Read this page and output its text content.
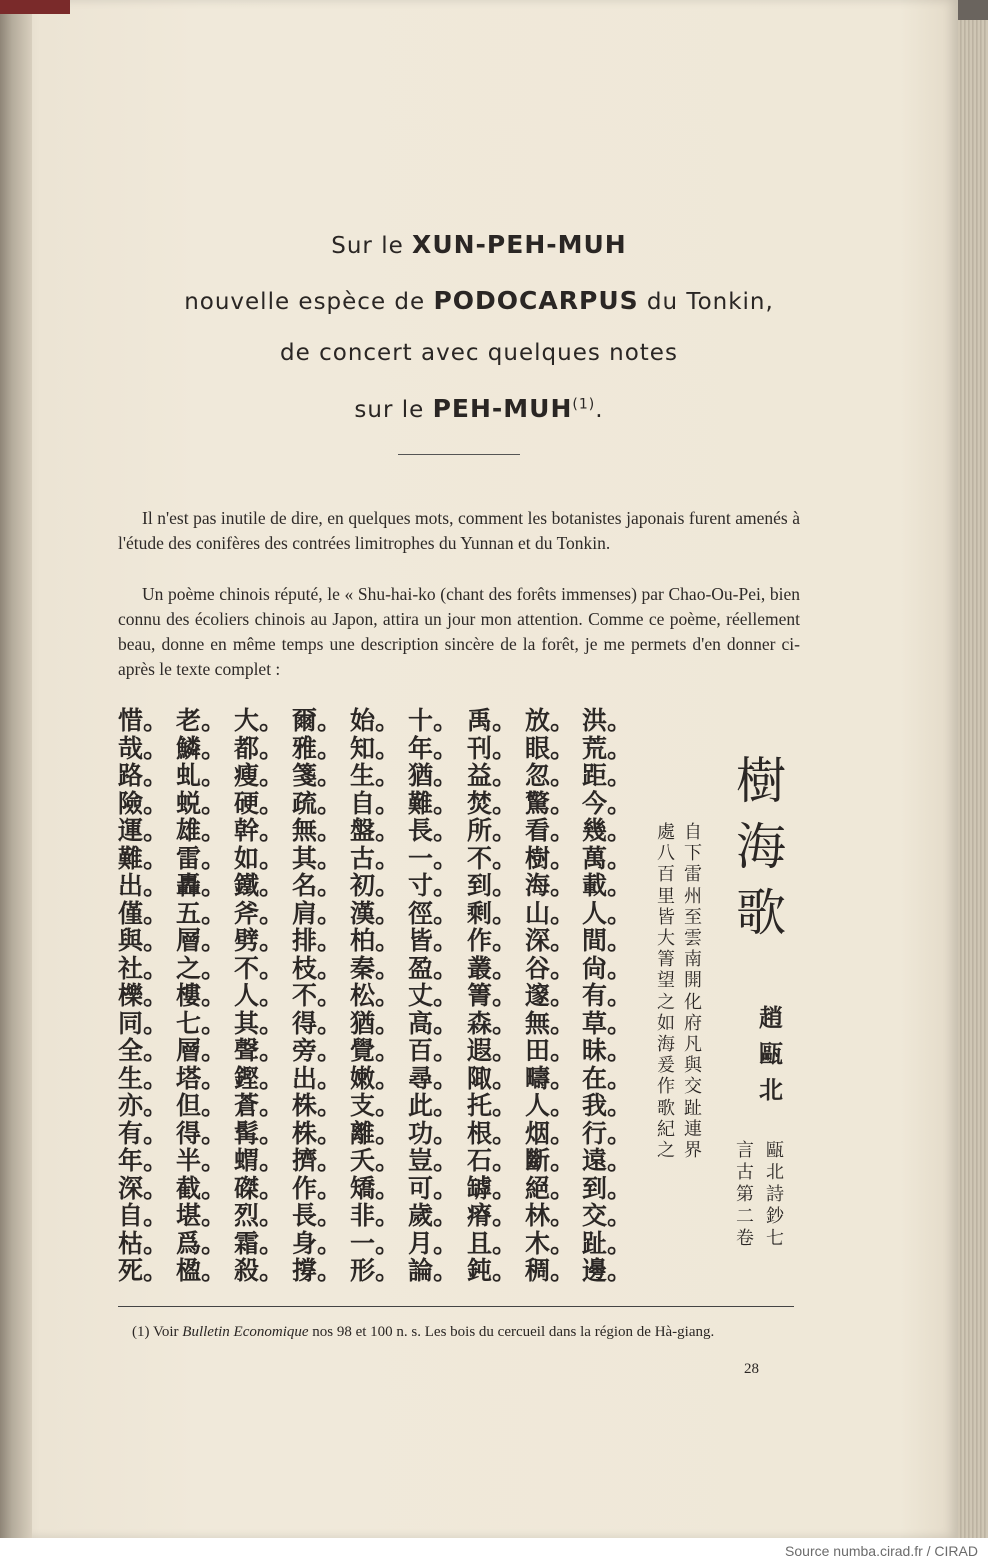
Sur le XUN-PEH-MUH
nouvelle espèce de PODOCARPUS du Tonkin,
de concert avec quelques notes
sur le PEH-MUH$^{(1)}$.
Il n'est pas inutile de dire, en quelques mots, comment les botanistes japonais furent amenés à l'étude des conifères des contrées limitrophes du Yunnan et du Tonkin.
Un poème chinois réputé, le « Shu-hai-ko (chant des forêts immenses) par Chao-Ou-Pei, bien connu des écoliers chinois au Japon, attira un jour mon attention. Comme ce poème, réellement beau, donne en même temps une description sincère de la forêt, je me permets d'en donner ci-après le texte complet :
樹海歌
趙甌北
自下雷州至雲南開化府凡與交趾連界
處八百里皆大箐望之如海爰作歌紀之	甌北詩鈔七
言古第二卷
洪。荒。距。今。幾。萬。載。人。間。尙。有。草。昧。在。我。行。遠。到。交。趾。邊。
放。眼。忽。驚。看。樹。海。山。深。谷。邃。無。田。疇。人。烟。斷。絕。林。木。稠。
禹。刊。益。焚。所。不。到。剩。作。叢。箐。森。遐。陬。托。根。石。罅。瘠。且。鈍。
十。年。猶。難。長。一。寸。徑。皆。盈。丈。高。百。尋。此。功。豈。可。歲。月。論。
始。知。生。自。盤。古。初。漢。柏。秦。松。猶。覺。嫩。支。離。夭。矯。非。一。形。
爾。雅。箋。疏。無。其。名。肩。排。枝。不。得。旁。出。株。株。擠。作。長。身。撐。
大。都。瘦。硬。幹。如。鐵。斧。劈。不。人。其。聲。鏗。蒼。髯。蝟。磔。烈。霜。殺。
老。鱗。虬。蜕。雄。雷。轟。五。層。之。樓。七。層。塔。但。得。半。截。堪。爲。楹。
惜。哉。路。險。運。難。出。僅。與。社。櫟。同。全。生。亦。有。年。深。自。枯。死。
(1) Voir Bulletin Economique nos 98 et 100 n. s. Les bois du cercueil dans la région de Hà-giang.
28
Source numba.cirad.fr / CIRAD
